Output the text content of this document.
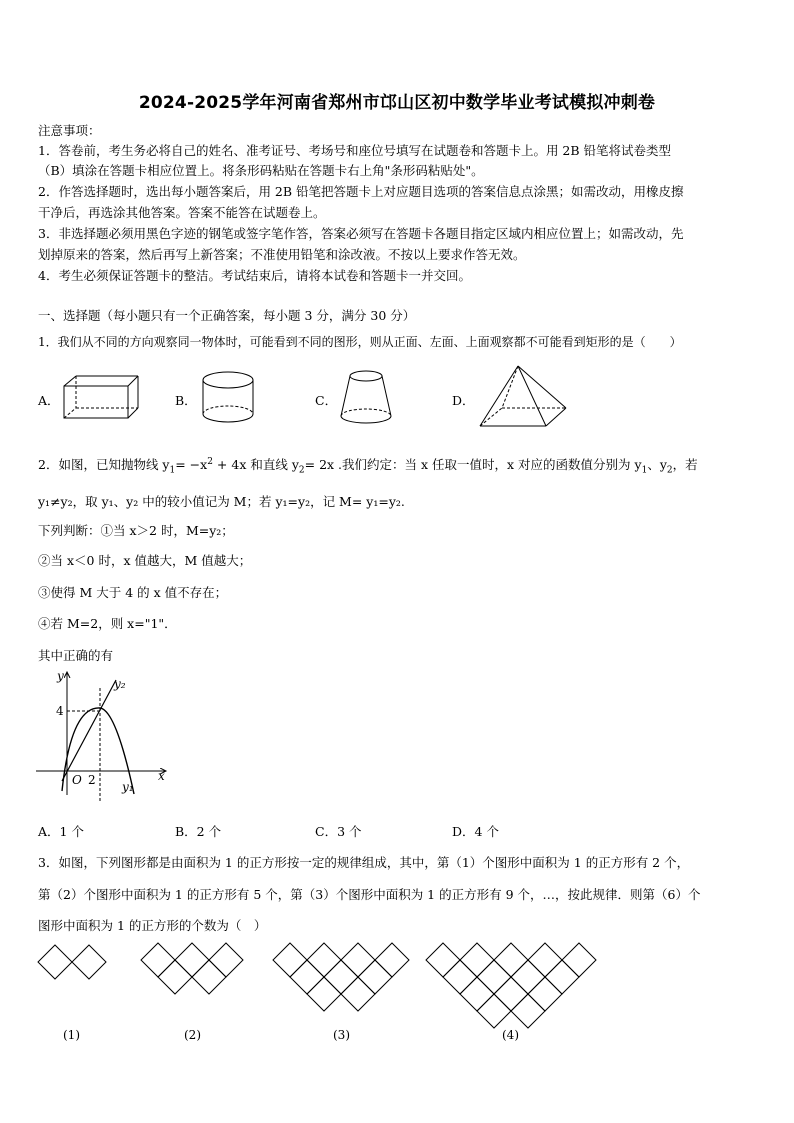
2024-2025学年河南省郑州市邙山区初中数学毕业考试模拟冲刺卷
注意事项：
1．答卷前，考生务必将自己的姓名、准考证号、考场号和座位号填写在试题卷和答题卡上。用 2B 铅笔将试卷类型
（B）填涂在答题卡相应位置上。将条形码粘贴在答题卡右上角"条形码粘贴处"。
2．作答选择题时，选出每小题答案后，用 2B 铅笔把答题卡上对应题目选项的答案信息点涂黑；如需改动，用橡皮擦
干净后，再选涂其他答案。答案不能答在试题卷上。
3．非选择题必须用黑色字迹的钢笔或签字笔作答，答案必须写在答题卡各题目指定区域内相应位置上；如需改动，先
划掉原来的答案，然后再写上新答案；不准使用铅笔和涂改液。不按以上要求作答无效。
4．考生必须保证答题卡的整洁。考试结束后，请将本试卷和答题卡一并交回。
一、选择题（每小题只有一个正确答案，每小题 3 分，满分 30 分）
1．我们从不同的方向观察同一物体时，可能看到不同的图形，则从正面、左面、上面观察都不可能看到矩形的是（　　）
A．	B．	C．	D．
2．如图，已知抛物线 $y_1= -x^2 + 4x$ 和直线 $y_2= 2x$ .我们约定：当 x 任取一值时，x 对应的函数值分别为 $y_1$、$y_2$，若
y₁≠y₂，取 y₁、y₂ 中的较小值记为 M；若 y₁=y₂，记 M= y₁=y₂.
下列判断：①当 x＞2 时，M=y₂；
②当 x＜0 时，x 值越大，M 值越大；
③使得 M 大于 4 的 x 值不存在；
④若 M=2，则 x="1"．
其中正确的有
y
y₂
y₁
x
O
4
2
A．1 个	B．2 个	C．3 个	D．4 个
3．如图，下列图形都是由面积为 1 的正方形按一定的规律组成，其中，第（1）个图形中面积为 1 的正方形有 2 个，
第（2）个图形中面积为 1 的正方形有 5 个，第（3）个图形中面积为 1 的正方形有 9 个，…，按此规律．则第（6）个
图形中面积为 1 的正方形的个数为（　）
(1)	(2)	(3)	(4)
